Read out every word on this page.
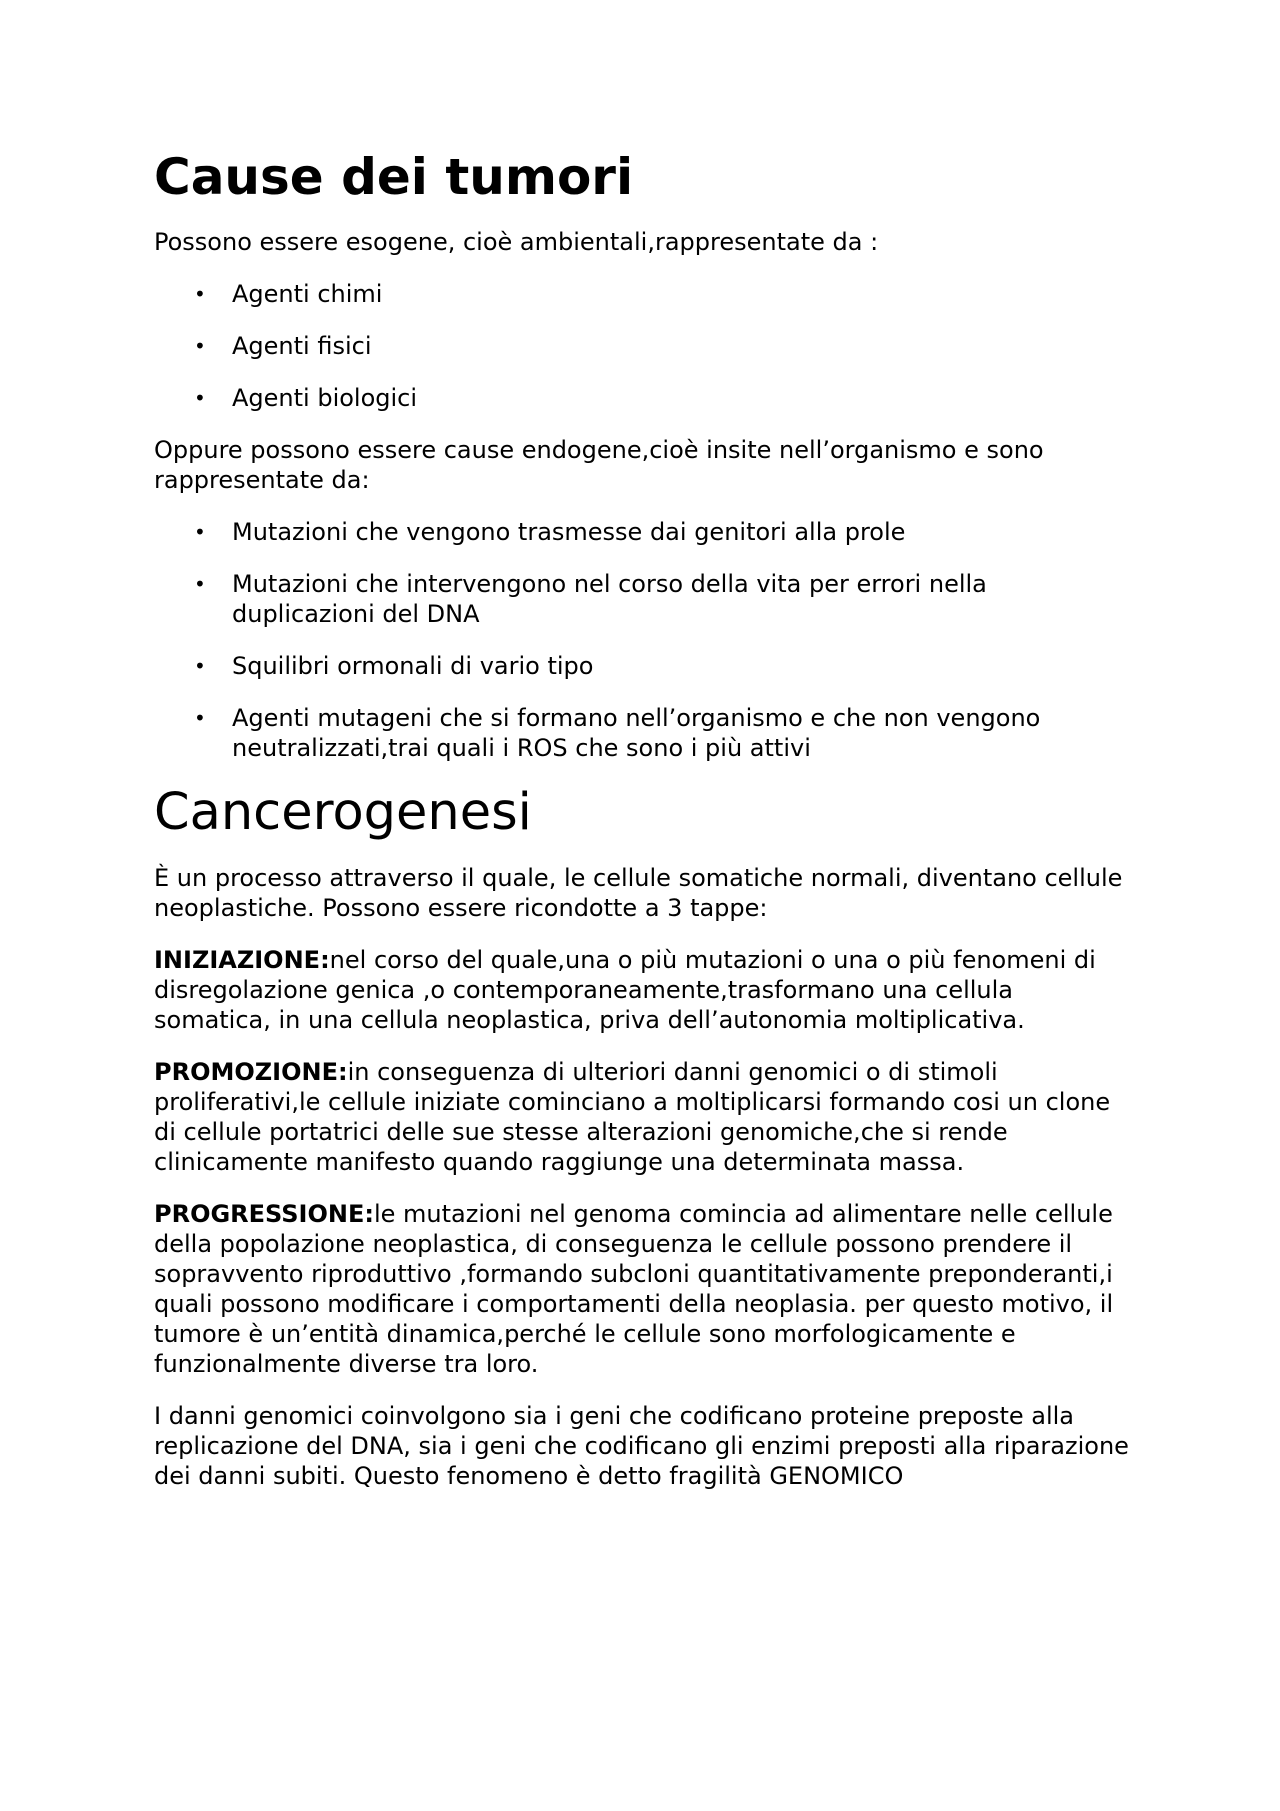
Cause dei tumori

Possono essere esogene, cioè ambientali,rappresentate da :

• Agenti chimi
• Agenti fisici
• Agenti biologici

Oppure possono essere cause endogene,cioè insite nell’organismo e sono rappresentate da:

• Mutazioni che vengono trasmesse dai genitori alla prole
• Mutazioni che intervengono nel corso della vita per errori nella duplicazioni del DNA
• Squilibri ormonali di vario tipo
• Agenti mutageni che si formano nell’organismo e che non vengono neutralizzati,trai quali i ROS che sono i più attivi
Cancerogenesi

È un processo attraverso il quale, le cellule somatiche normali, diventano cellule neoplastiche. Possono essere ricondotte a 3 tappe:

INIZIAZIONE:nel corso del quale,una o più mutazioni o una o più fenomeni di disregolazione genica ,o contemporaneamente,trasformano una cellula somatica, in una cellula neoplastica, priva dell’autonomia moltiplicativa.

PROMOZIONE:in conseguenza di ulteriori danni genomici o di stimoli proliferativi,le cellule iniziate cominciano a moltiplicarsi formando cosi un clone di cellule portatrici delle sue stesse alterazioni genomiche,che si rende clinicamente manifesto quando raggiunge una determinata massa.

PROGRESSIONE:le mutazioni nel genoma comincia ad alimentare nelle cellule della popolazione neoplastica, di conseguenza le cellule possono prendere il sopravvento riproduttivo ,formando subcloni quantitativamente preponderanti,i quali possono modificare i comportamenti della neoplasia. per questo motivo, il tumore è un’entità dinamica,perché le cellule sono morfologicamente e funzionalmente diverse tra loro.

I danni genomici coinvolgono sia i geni che codificano proteine preposte alla replicazione del DNA, sia i geni che codificano gli enzimi preposti alla riparazione dei danni subiti. Questo fenomeno è detto fragilità GENOMICO
